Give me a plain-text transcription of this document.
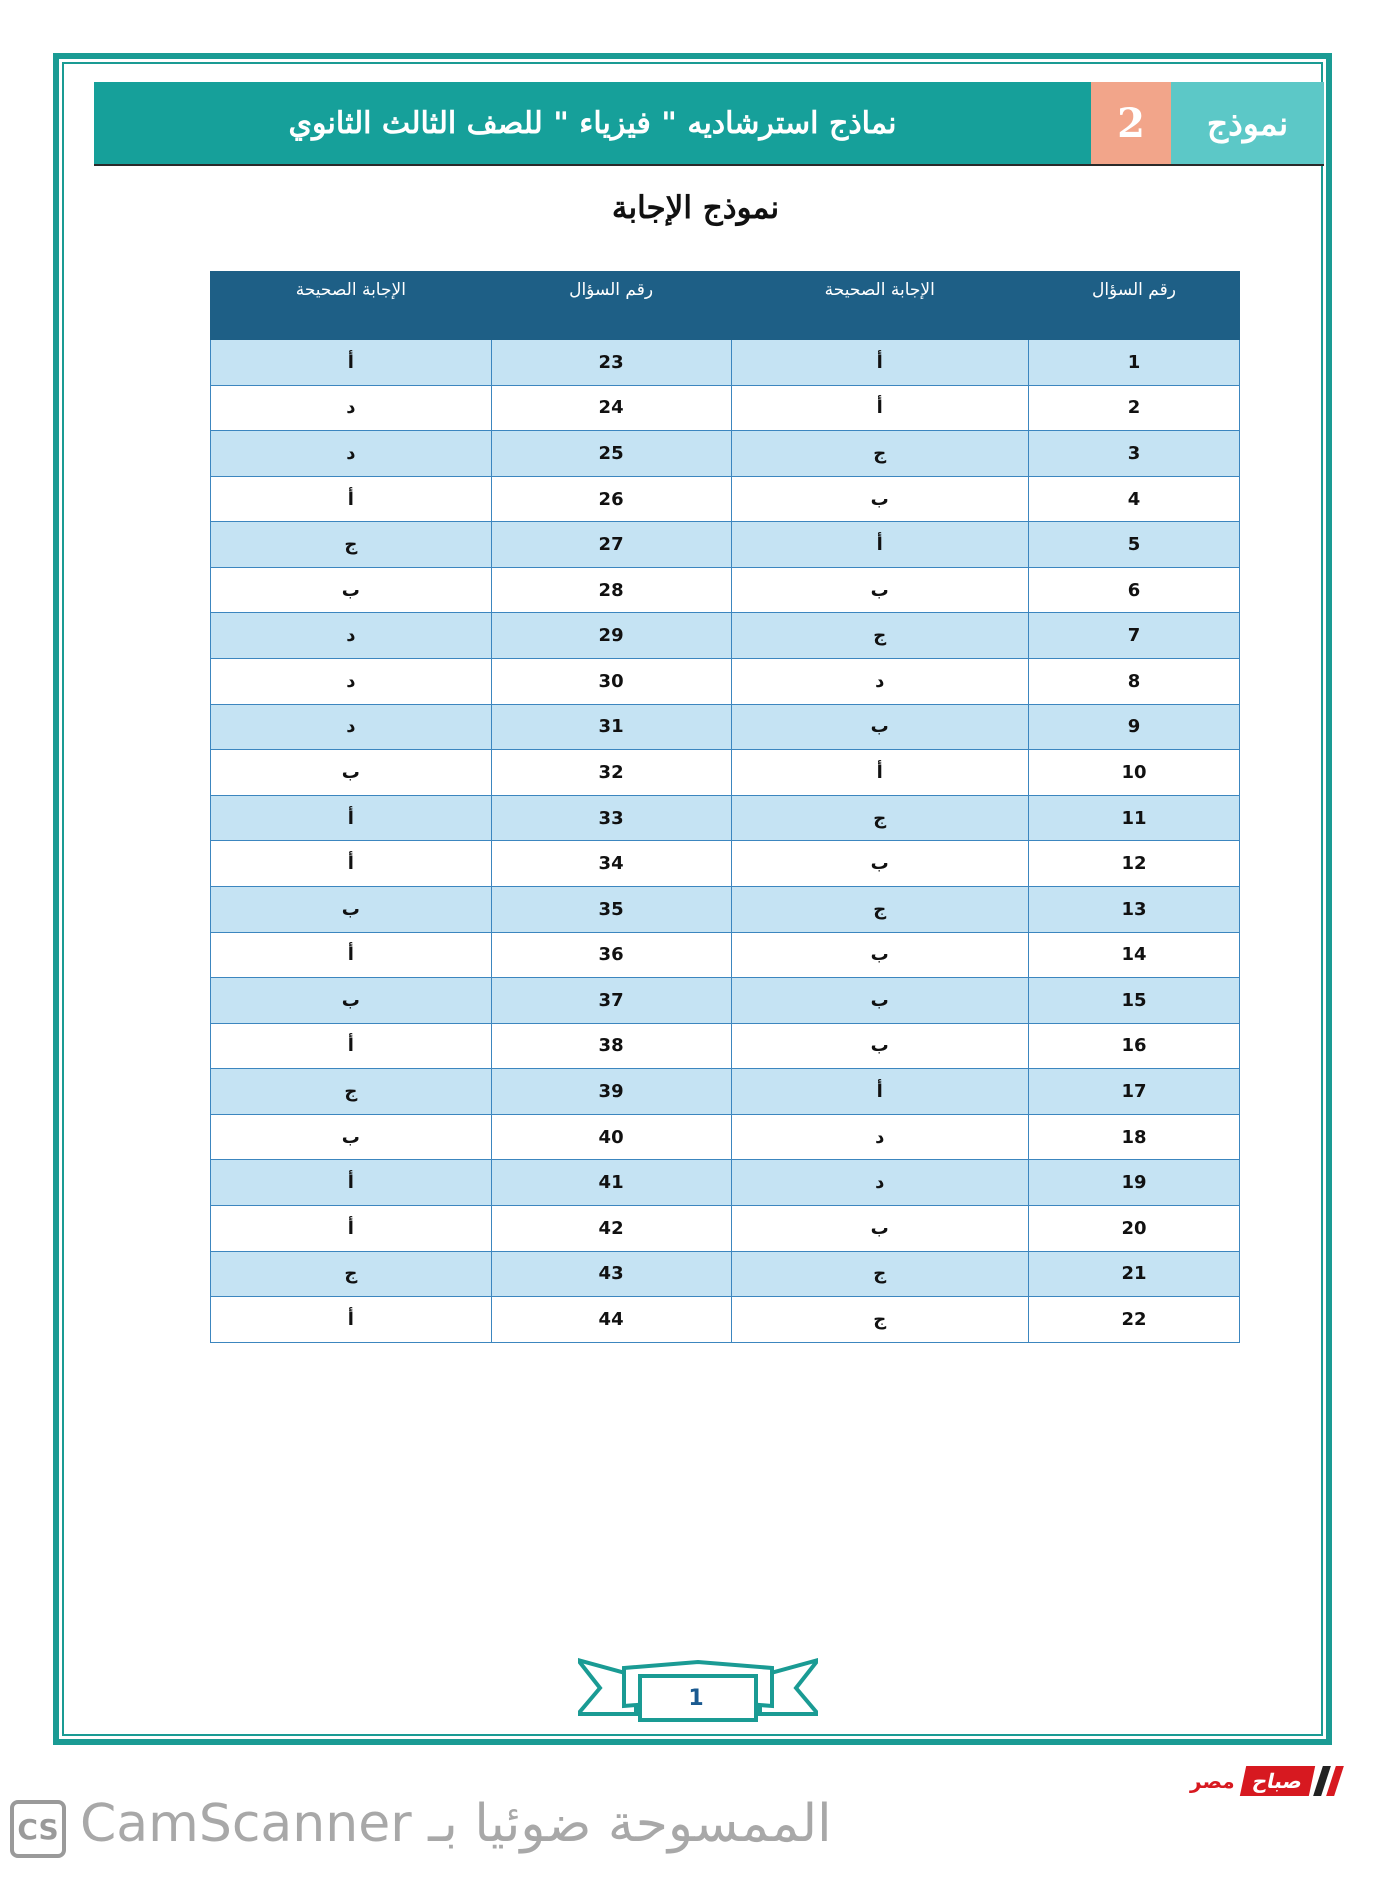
نماذج استرشاديه " فيزياء " للصف الثالث الثانوي	2	نموذج
نموذج الإجابة
رقم السؤال	الإجابة الصحيحة	رقم السؤال	الإجابة الصحيحة
1	أ	23	أ
2	أ	24	د
3	ج	25	د
4	ب	26	أ
5	أ	27	ج
6	ب	28	ب
7	ج	29	د
8	د	30	د
9	ب	31	د
10	أ	32	ب
11	ج	33	أ
12	ب	34	أ
13	ج	35	ب
14	ب	36	أ
15	ب	37	ب
16	ب	38	أ
17	أ	39	ج
18	د	40	ب
19	د	41	أ
20	ب	42	أ
21	ج	43	ج
22	ج	44	أ
1
صباح
مصر
CS الممسوحة ضوئيا بـ CamScanner
